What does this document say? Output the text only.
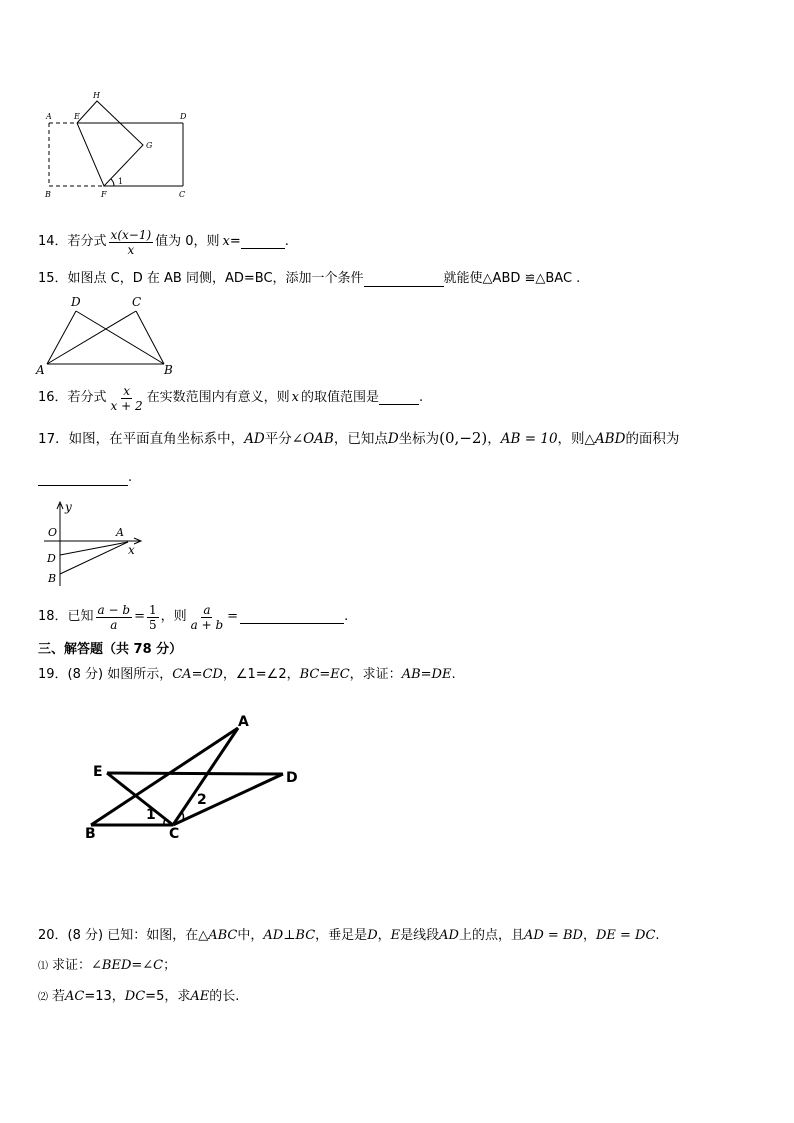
H
A	E	D
G
B	F	C
1
14．若分式 $\frac{x(x-1)}{x}$ 值为 0，则 x =	.
15．如图点 C，D 在 AB 同侧，AD=BC，添加一个条件	就能使△ABD ≌△BAC .
D	C
A	B
16．若分式 $\frac{x}{x + 2}$ 在实数范围内有意义，则 x 的取值范围是	.
17．如图，在平面直角坐标系中，AD平分∠OAB，已知点D坐标为(0,−2)，AB = 10，则△ABD的面积为
.
y
O	A
D
x
B
18．已知 $\frac{a - b}{a} = \frac{1}{5}$ ，则 $\frac{a}{a + b}$ =	.
三、解答题（共 78 分）
19．(8 分) 如图所示，CA=CD，∠1=∠2，BC=EC，求证：AB=DE.
A
E	D
1
2
B	C
20．(8 分) 已知：如图，在△ABC中，AD⊥BC，垂足是D，E是线段AD上的点，且AD = BD，DE = DC.
⑴ 求证：∠BED=∠C；
⑵ 若AC=13，DC=5，求AE的长.
